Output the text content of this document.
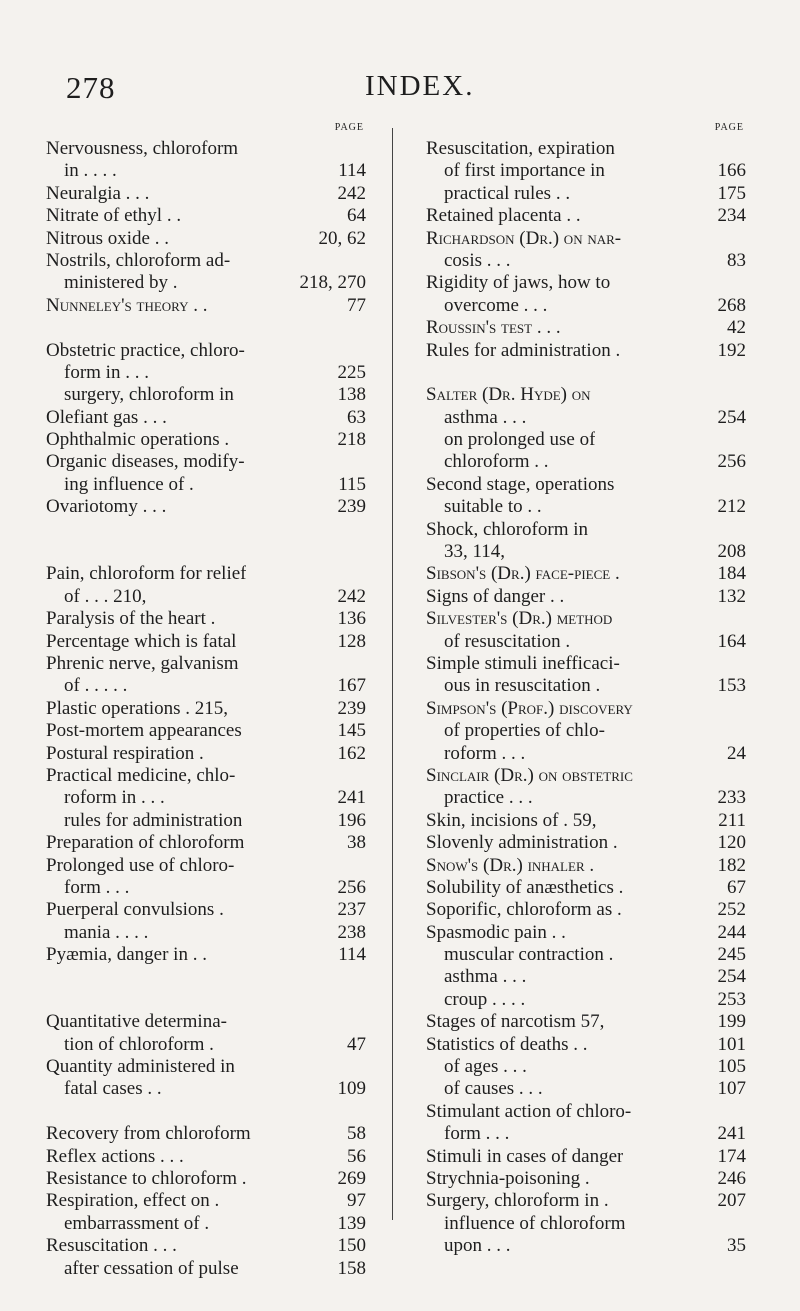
278	INDEX.
PAGE
Nervousness, chloroform
in . . . .	114
Neuralgia . . .	242
Nitrate of ethyl . .	64
Nitrous oxide . .	20, 62
Nostrils, chloroform ad-
ministered by .	218, 270
Nunneley's theory . .	77
Obstetric practice, chloro-
form in . . .	225
surgery, chloroform in	138
Olefiant gas . . .	63
Ophthalmic operations .	218
Organic diseases, modify-
ing influence of .	115
Ovariotomy . . .	239
Pain, chloroform for relief
of . . . 210,	242
Paralysis of the heart .	136
Percentage which is fatal	128
Phrenic nerve, galvanism
of . . . . .	167
Plastic operations . 215,	239
Post-mortem appearances	145
Postural respiration .	162
Practical medicine, chlo-
roform in . . .	241
rules for administration	196
Preparation of chloroform	38
Prolonged use of chloro-
form . . .	256
Puerperal convulsions .	237
mania . . . .	238
Pyæmia, danger in . .	114
Quantitative determina-
tion of chloroform .	47
Quantity administered in
fatal cases . .	109
Recovery from chloroform	58
Reflex actions . . .	56
Resistance to chloroform .	269
Respiration, effect on .	97
embarrassment of .	139
Resuscitation . . .	150
after cessation of pulse	158
PAGE
Resuscitation, expiration
of first importance in	166
practical rules . .	175
Retained placenta . .	234
Richardson (Dr.) on nar-
cosis . . .	83
Rigidity of jaws, how to
overcome . . .	268
Roussin's test . . .	42
Rules for administration .	192
Salter (Dr. Hyde) on
asthma . . .	254
on prolonged use of
chloroform . .	256
Second stage, operations
suitable to . .	212
Shock, chloroform in
33, 114,	208
Sibson's (Dr.) face-piece .	184
Signs of danger . .	132
Silvester's (Dr.) method
of resuscitation .	164
Simple stimuli inefficaci-
ous in resuscitation .	153
Simpson's (Prof.) discovery
of properties of chlo-
roform . . .	24
Sinclair (Dr.) on obstetric
practice . . .	233
Skin, incisions of . 59,	211
Slovenly administration .	120
Snow's (Dr.) inhaler .	182
Solubility of anæsthetics .	67
Soporific, chloroform as .	252
Spasmodic pain . .	244
muscular contraction .	245
asthma . . .	254
croup . . . .	253
Stages of narcotism 57,	199
Statistics of deaths . .	101
of ages . . .	105
of causes . . .	107
Stimulant action of chloro-
form . . .	241
Stimuli in cases of danger	174
Strychnia-poisoning .	246
Surgery, chloroform in .	207
influence of chloroform
upon . . .	35
